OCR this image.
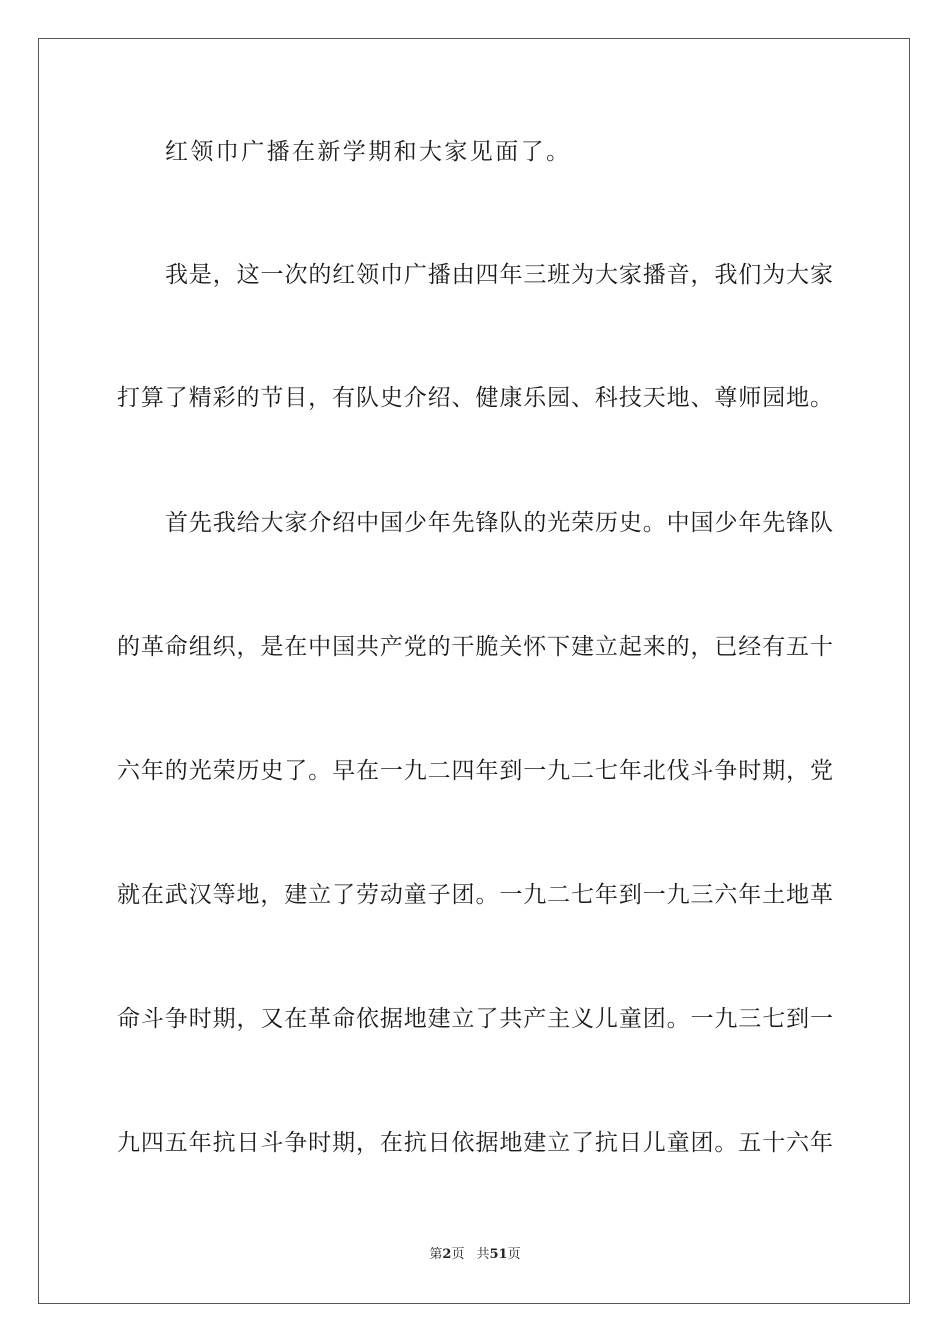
红领巾广播在新学期和大家见面了。
我是，这一次的红领巾广播由四年三班为大家播音，我们为大家
打算了精彩的节目，有队史介绍、健康乐园、科技天地、尊师园地。
首先我给大家介绍中国少年先锋队的光荣历史。中国少年先锋队
的革命组织，是在中国共产党的干脆关怀下建立起来的，已经有五十
六年的光荣历史了。早在一九二四年到一九二七年北伐斗争时期，党
就在武汉等地，建立了劳动童子团。一九二七年到一九三六年土地革
命斗争时期，又在革命依据地建立了共产主义儿童团。一九三七到一
九四五年抗日斗争时期，在抗日依据地建立了抗日儿童团。五十六年
第2页 共51页
